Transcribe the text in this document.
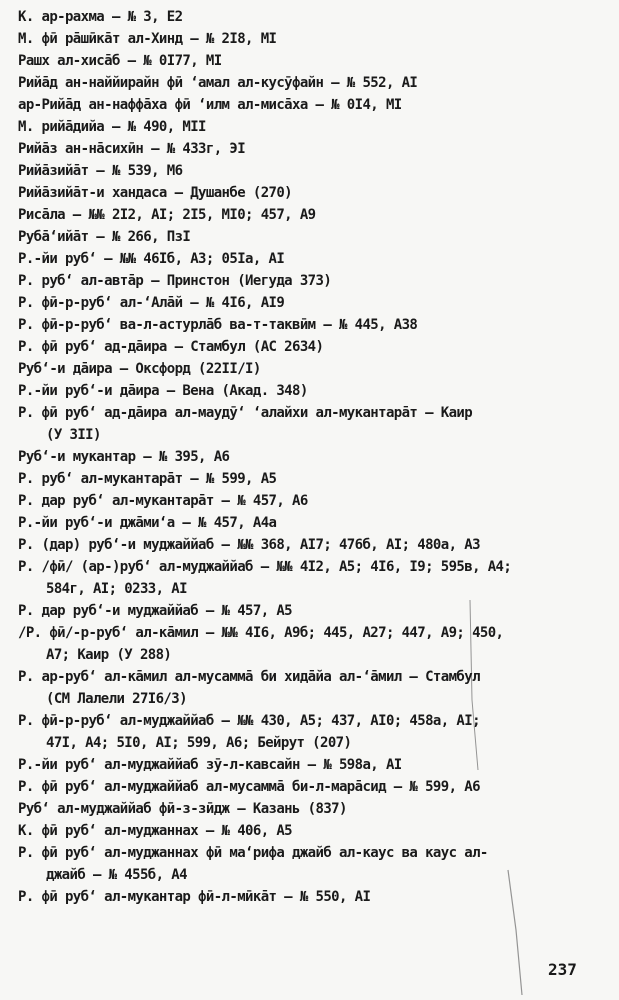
К. ар-рахма – № 3, Е2
М. фӣ рāшӣкāт ал-Хинд – № 2I8, МI
Рашх ал-хисāб – № 0I77, МI
Рийāд ан-наййирайн фӣ ʻамал ал-кусӯфайн – № 552, АI
ар-Рийāд ан-наффāха фӣ ʻилм ал-мисāха – № 0I4, МI
М. рийāдийа – № 490, МII
Рийāз ан-нāсихӣн – № 433г, ЭI
Рийāзийāт – № 539, М6
Рийāзийāт-и хандаса – Душанбе (270)
Рисāла – №№ 2I2, АI; 2I5, МI0; 457, А9
Рубāʻийāт – № 266, ПзI
Р.-йи рубʻ – №№ 46Iб, А3; 05Iа, АI
Р. рубʻ ал-автāр – Принстон (Иегуда 373)
Р. фӣ-р-рубʻ ал-ʻАлāй – № 4I6, АI9
Р. фӣ-р-рубʻ ва-л-астурлāб ва-т-таквӣм – № 445, А38
Р. фӣ рубʻ ад-дāира – Стамбул (АС 2634)
Рубʻ-и дāира – Оксфорд (22II/I)
Р.-йи рубʻ-и дāира – Вена (Акад. 348)
Р. фӣ рубʻ ад-дāира ал-маудӯʻ ʻалайхи ал-мукантарāт – Каир
(У 3II)
Рубʻ-и мукантар – № 395, А6
Р. рубʻ ал-мукантарāт – № 599, А5
Р. дар рубʻ ал-мукантарāт – № 457, А6
Р.-йи рубʻ-и джāмиʻа – № 457, А4а
Р. (дар) рубʻ-и муджаййаб – №№ 368, АI7; 476б, АI; 480а, А3
Р. /фӣ/ (ар-)рубʻ ал-муджаййаб – №№ 4I2, А5; 4I6, I9; 595в, А4;
584г, АI; 0233, АI
Р. дар рубʻ-и муджаййаб – № 457, А5
/Р. фӣ/-р-рубʻ ал-кāмил – №№ 4I6, А9б; 445, А27; 447, А9; 450,
А7; Каир (У 288)
Р. ар-рубʻ ал-кāмил ал-мусаммā би хидāйа ал-ʻāмил – Стамбул
(СМ Лалели 27I6/3)
Р. фӣ-р-рубʻ ал-муджаййаб – №№ 430, А5; 437, АI0; 458а, АI;
47I, А4; 5I0, АI; 599, А6; Бейрут (207)
Р.-йи рубʻ ал-муджаййаб зӯ-л-кавсайн – № 598а, АI
Р. фӣ рубʻ ал-муджаййаб ал-мусаммā би-л-марāсид – № 599, А6
Рубʻ ал-муджаййаб фӣ-з-зӣдж – Казань (837)
К. фӣ рубʻ ал-муджаннах – № 406, А5
Р. фӣ рубʻ ал-муджаннах фӣ маʻрифа джайб ал-каус ва каус ал-
джайб – № 455б, А4
Р. фӣ рубʻ ал-мукантар фӣ-л-мӣкāт – № 550, АI
237
